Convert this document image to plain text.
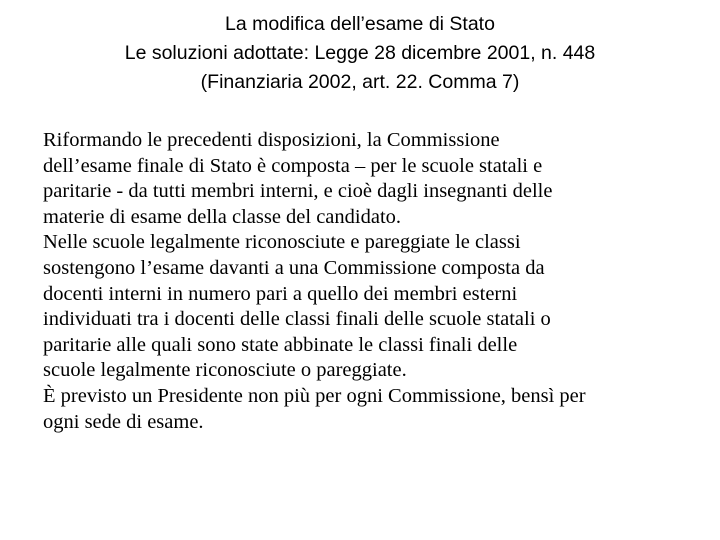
La modifica dell’esame di Stato
Le soluzioni adottate: Legge 28 dicembre 2001, n. 448
(Finanziaria 2002, art. 22. Comma 7)

Riformando le precedenti disposizioni, la Commissione
dell’esame finale di Stato è composta – per le scuole statali e
paritarie - da tutti membri interni, e cioè dagli insegnanti delle
materie di esame della classe del candidato.

Nelle scuole legalmente riconosciute e pareggiate le classi
sostengono l’esame davanti a una Commissione composta da
docenti interni in numero pari a quello dei membri esterni
individuati tra i docenti delle classi finali delle scuole statali o
paritarie alle quali sono state abbinate le classi finali delle
scuole legalmente riconosciute o pareggiate.

È previsto un Presidente non più per ogni Commissione, bensì per
ogni sede di esame.
